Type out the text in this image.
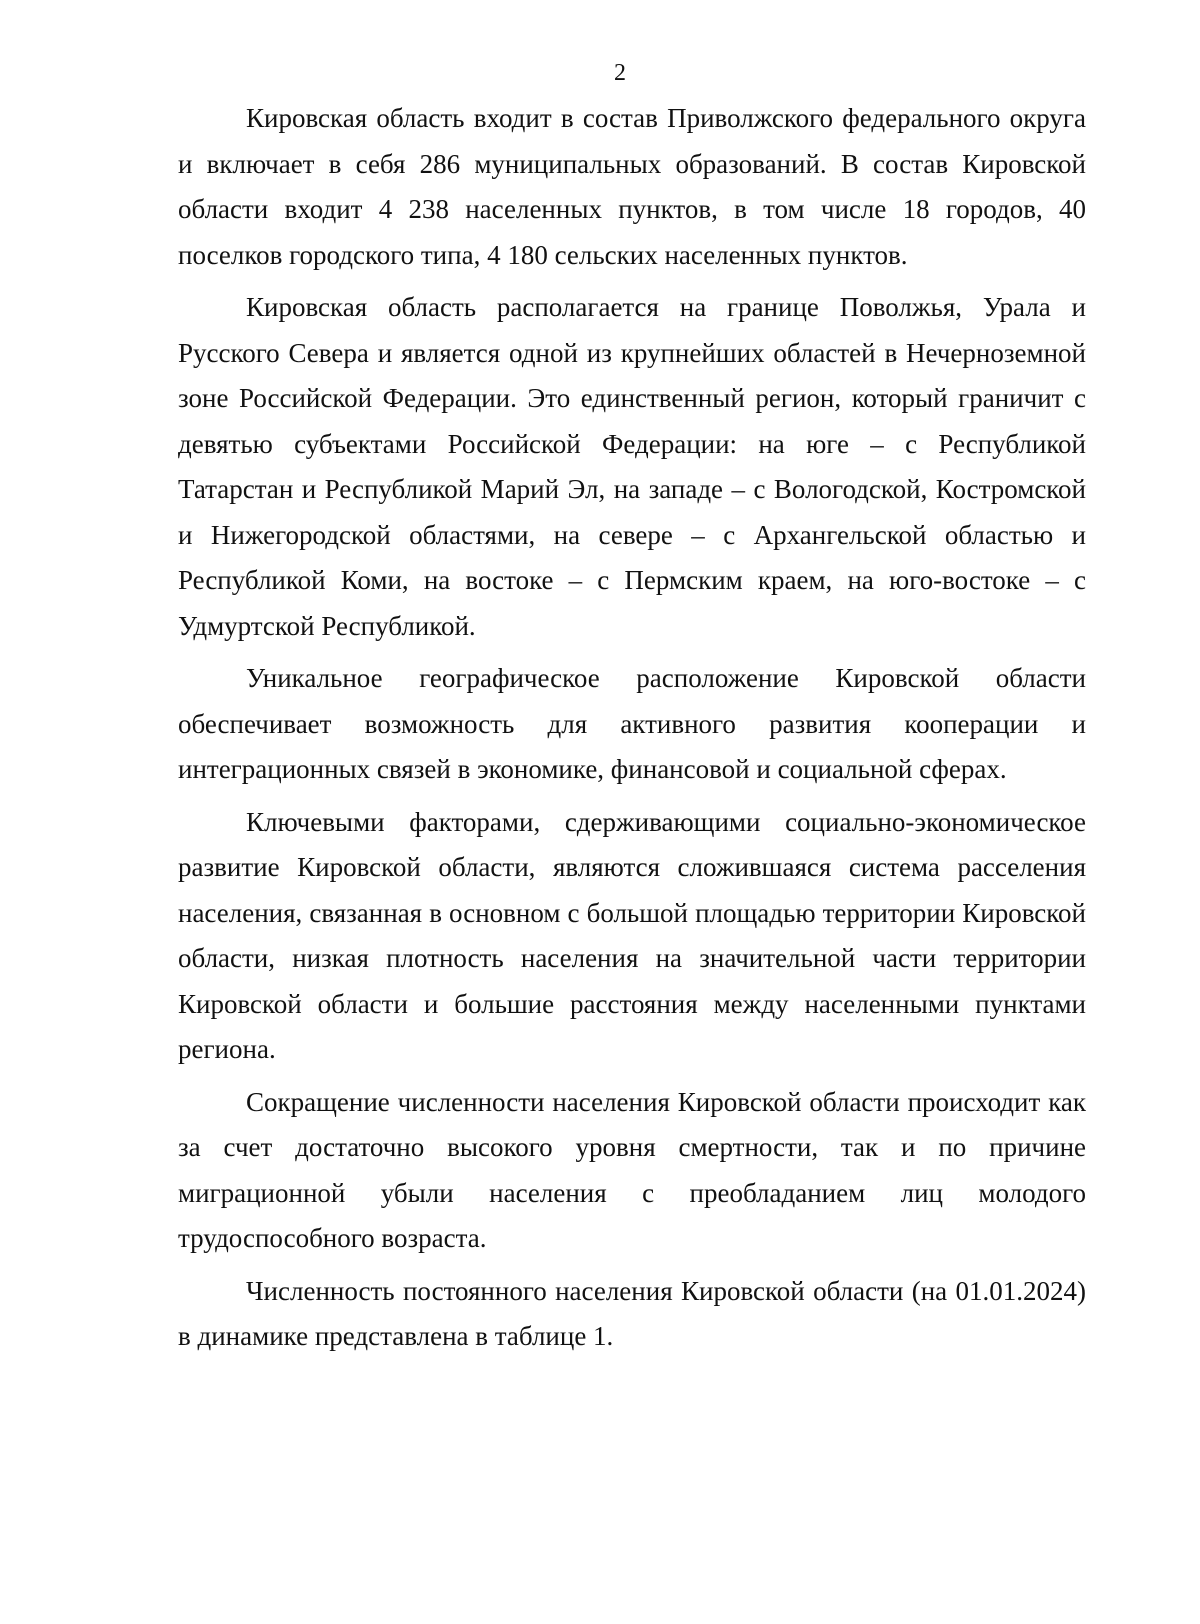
2

Кировская область входит в состав Приволжского федерального округа и включает в себя 286 муниципальных образований. В состав Кировской области входит 4 238 населенных пунктов, в том числе 18 городов, 40 поселков городского типа, 4 180 сельских населенных пунктов.

Кировская область располагается на границе Поволжья, Урала и Русского Севера и является одной из крупнейших областей в Нечерноземной зоне Российской Федерации. Это единственный регион, который граничит с девятью субъектами Российской Федерации: на юге – с Республикой Татарстан и Республикой Марий Эл, на западе – с Вологодской, Костромской и Нижегородской областями, на севере – с Архангельской областью и Республикой Коми, на востоке – с Пермским краем, на юго-востоке – с Удмуртской Республикой.

Уникальное географическое расположение Кировской области обеспечивает возможность для активного развития кооперации и интеграционных связей в экономике, финансовой и социальной сферах.

Ключевыми факторами, сдерживающими социально-экономическое развитие Кировской области, являются сложившаяся система расселения населения, связанная в основном с большой площадью территории Кировской области, низкая плотность населения на значительной части территории Кировской области и большие расстояния между населенными пунктами региона.

Сокращение численности населения Кировской области происходит как за счет достаточно высокого уровня смертности, так и по причине миграционной убыли населения с преобладанием лиц молодого трудоспособного возраста.

Численность постоянного населения Кировской области (на 01.01.2024) в динамике представлена в таблице 1.
